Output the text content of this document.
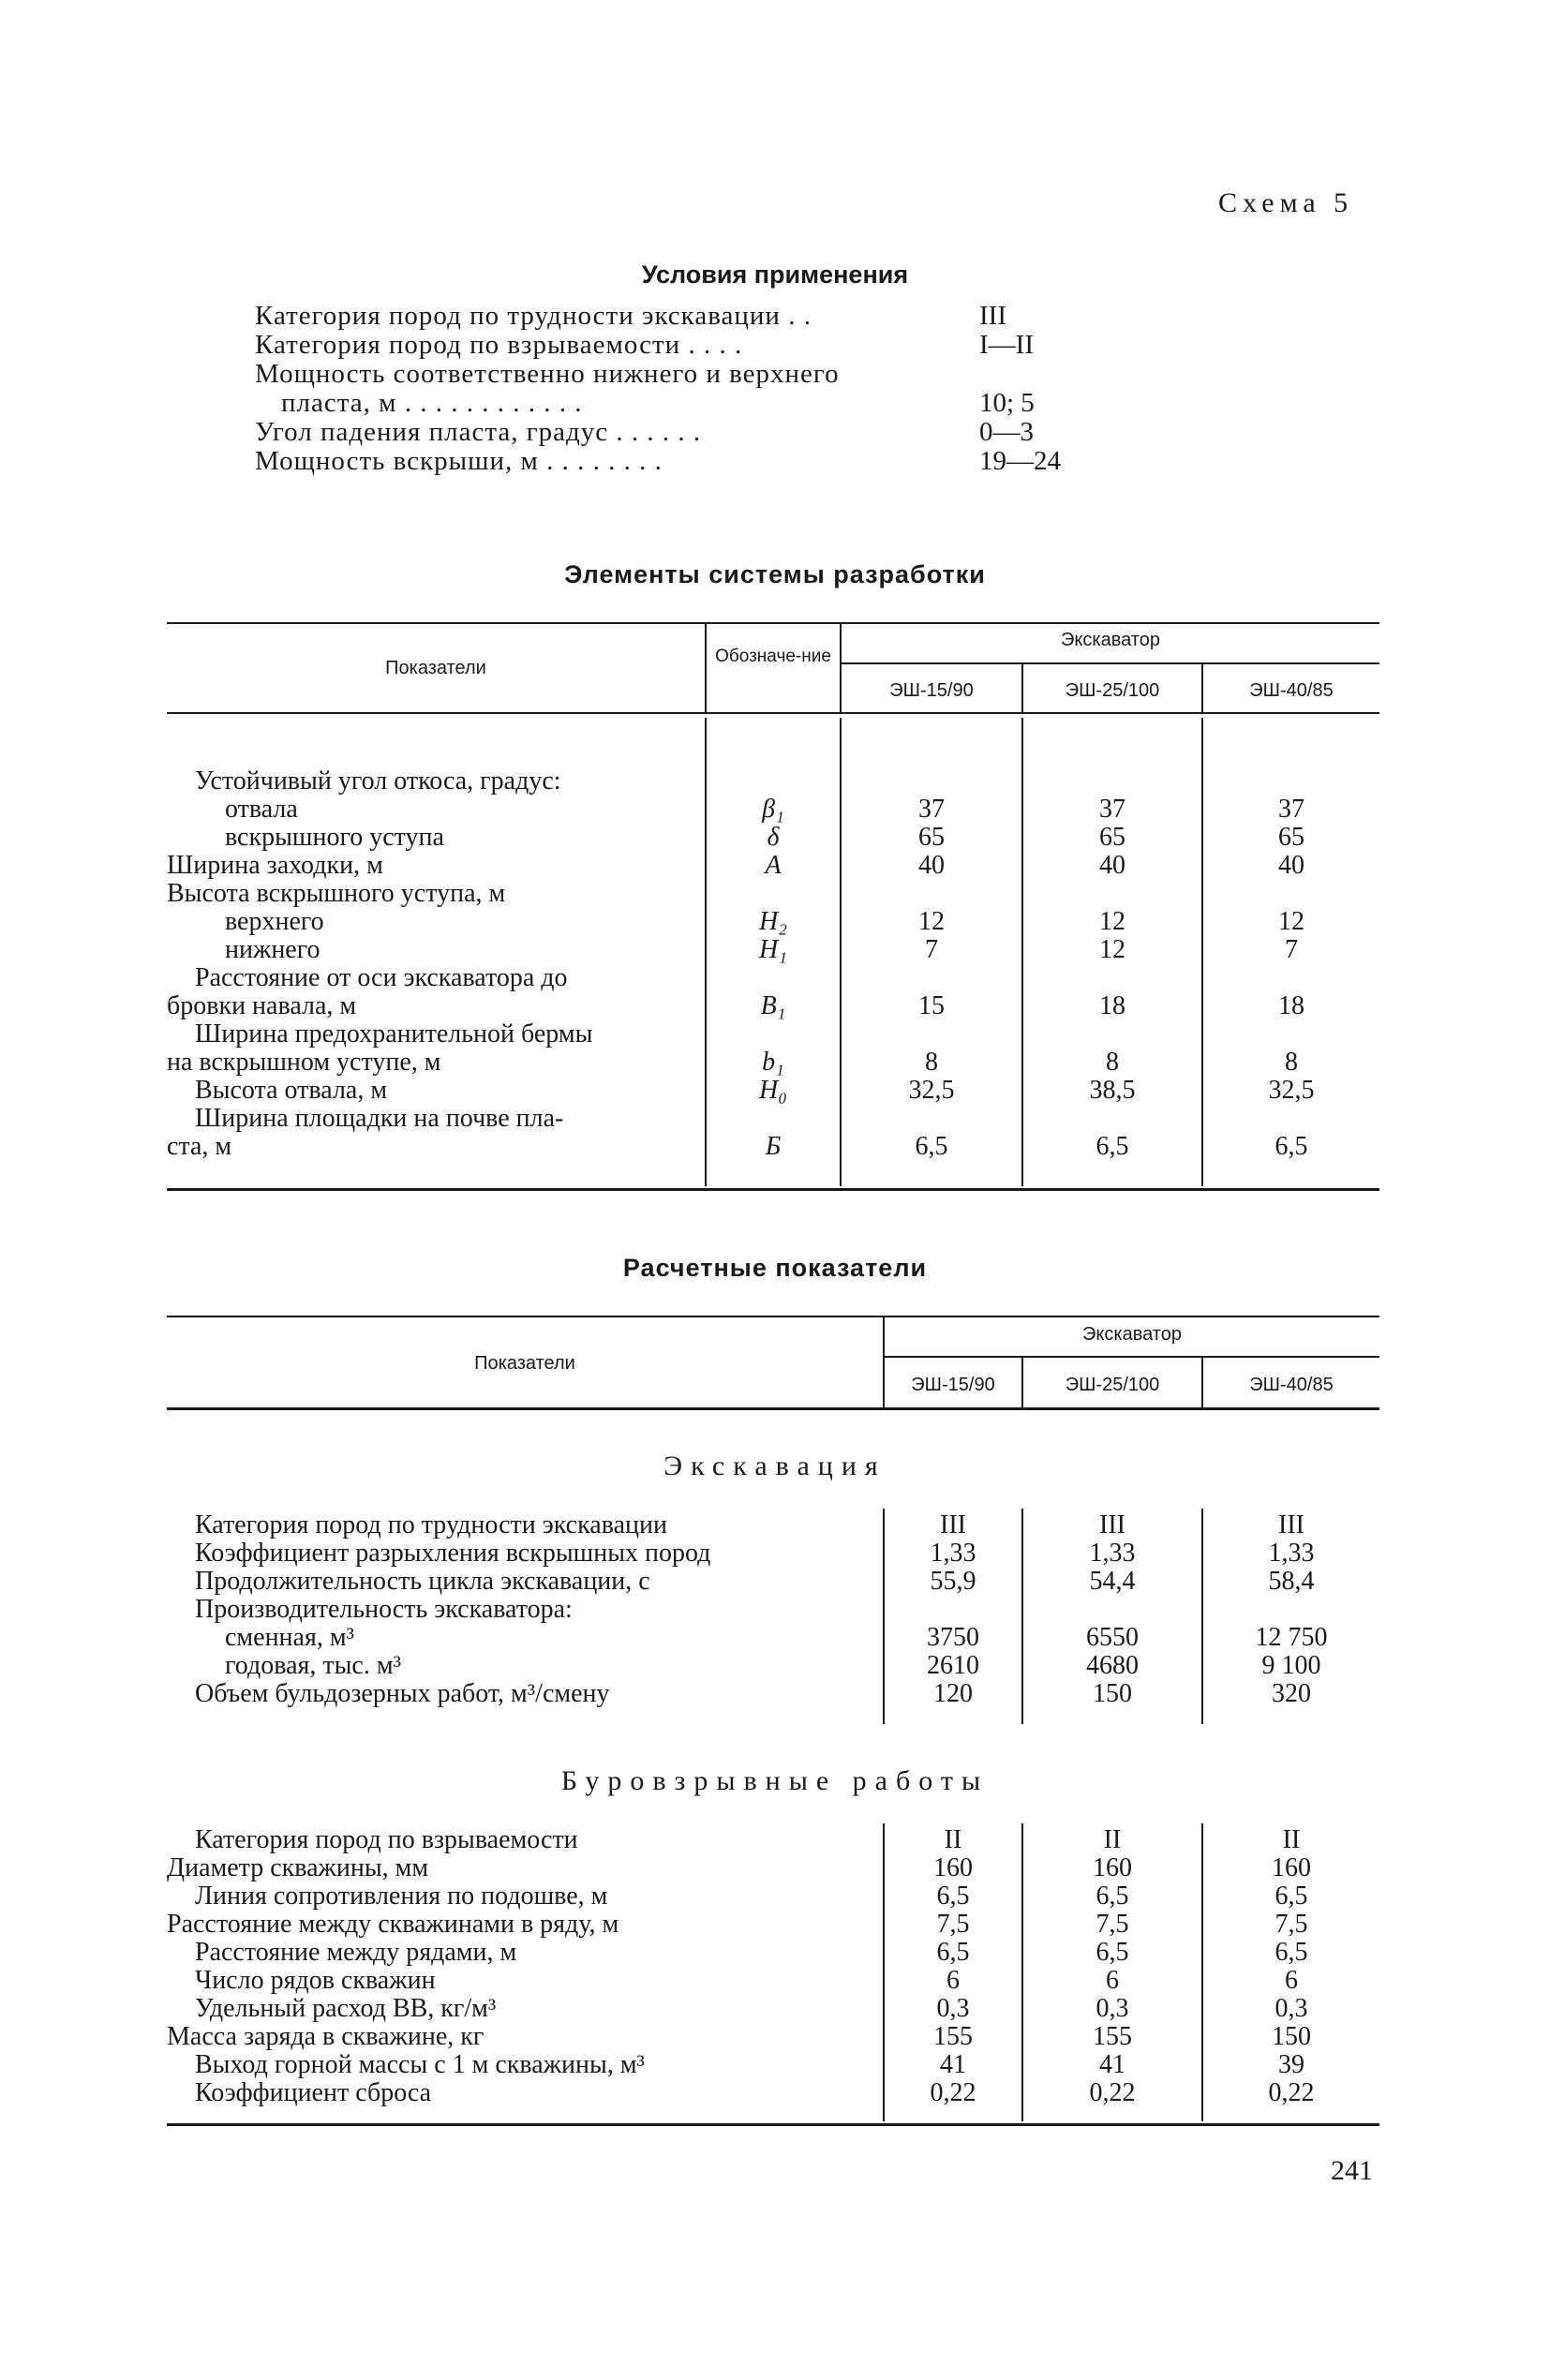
Схема 5
Условия применения
Категория пород по трудности экскавации . .	III
Категория пород по взрываемости . . . .	I—II
Мощность соответственно нижнего и верхнего
пласта, м . . . . . . . . . . . .	10; 5
Угол падения пласта, градус . . . . . .	0—3
Мощность вскрыши, м . . . . . . . .	19—24
Элементы системы разработки
Показатели
Обозначе-ние
Экскаватор
ЭШ-15/90	ЭШ-25/100	ЭШ-40/85
Устойчивый угол откоса, градус:
отвала	β₁	37	37	37
вскрышного уступа	δ	65	65	65
Ширина заходки, м	А	40	40	40
Высота вскрышного уступа, м
верхнего	H₂	12	12	12
нижнего	H₁	7	12	7
Расстояние от оси экскаватора до
бровки навала, м	B₁	15	18	18
Ширина предохранительной бермы
на вскрышном уступе, м	b₁	8	8	8
Высота отвала, м	H₀	32,5	38,5	32,5
Ширина площадки на почве пла-
ста, м	Б	6,5	6,5	6,5
Расчетные показатели
Показатели
Экскаватор
ЭШ-15/90	ЭШ-25/100	ЭШ-40/85
Экскавация
Категория пород по трудности экскавации	III	III	III
Коэффициент разрыхления вскрышных пород	1,33	1,33	1,33
Продолжительность цикла экскавации, с	55,9	54,4	58,4
Производительность экскаватора:
сменная, м³	3750	6550	12 750
годовая, тыс. м³	2610	4680	9 100
Объем бульдозерных работ, м³/смену	120	150	320
Буровзрывные работы
Категория пород по взрываемости	II	II	II
Диаметр скважины, мм	160	160	160
Линия сопротивления по подошве, м	6,5	6,5	6,5
Расстояние между скважинами в ряду, м	7,5	7,5	7,5
Расстояние между рядами, м	6,5	6,5	6,5
Число рядов скважин	6	6	6
Удельный расход ВВ, кг/м³	0,3	0,3	0,3
Масса заряда в скважине, кг	155	155	150
Выход горной массы с 1 м скважины, м³	41	41	39
Коэффициент сброса	0,22	0,22	0,22
241
